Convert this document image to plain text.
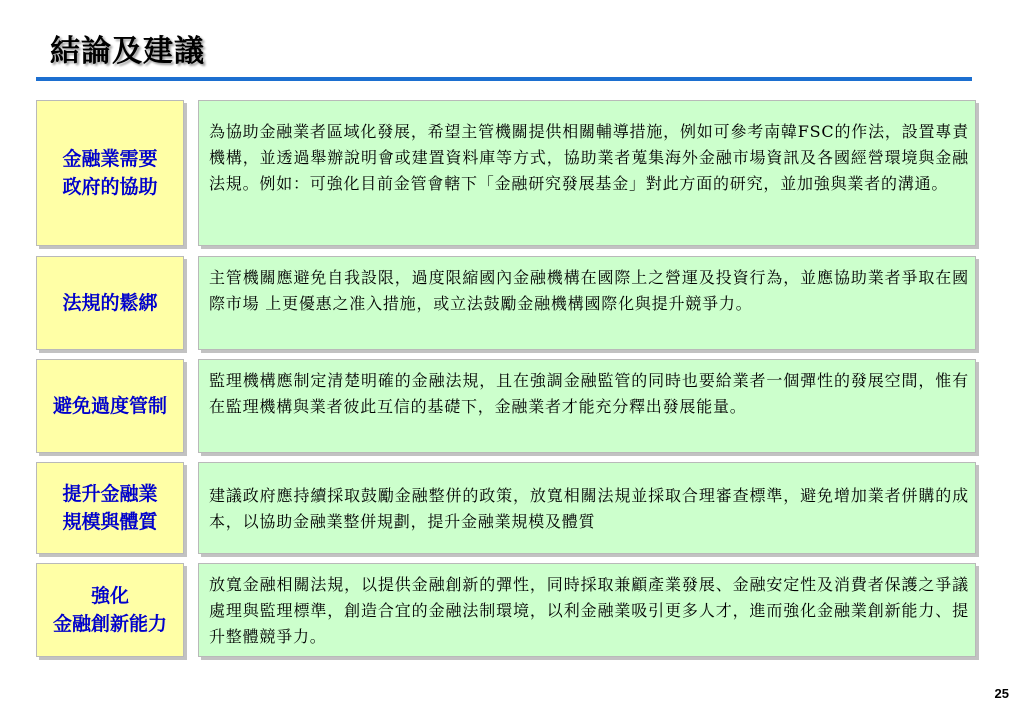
結論及建議
金融業需要
政府的協助
為協助金融業者區域化發展，希望主管機關提供相關輔導措施，例如可參考南韓FSC的作法，設置專責機構，並透過舉辦說明會或建置資料庫等方式，協助業者蒐集海外金融市場資訊及各國經營環境與金融法規。例如：可強化目前金管會轄下「金融研究發展基金」對此方面的研究，並加強與業者的溝通。
法規的鬆綁
主管機關應避免自我設限，過度限縮國內金融機構在國際上之營運及投資行為，並應協助業者爭取在國際市場 上更優惠之准入措施，或立法鼓勵金融機構國際化與提升競爭力。
避免過度管制
監理機構應制定清楚明確的金融法規，且在強調金融監管的同時也要給業者一個彈性的發展空間，惟有在監理機構與業者彼此互信的基礎下，金融業者才能充分釋出發展能量。
提升金融業
規模與體質
建議政府應持續採取鼓勵金融整併的政策，放寬相關法規並採取合理審查標準，避免增加業者併購的成本，以協助金融業整併規劃，提升金融業規模及體質
強化
金融創新能力
放寬金融相關法規，以提供金融創新的彈性，同時採取兼顧產業發展、金融安定性及消費者保護之爭議處理與監理標準，創造合宜的金融法制環境，以利金融業吸引更多人才，進而強化金融業創新能力、提升整體競爭力。
25
